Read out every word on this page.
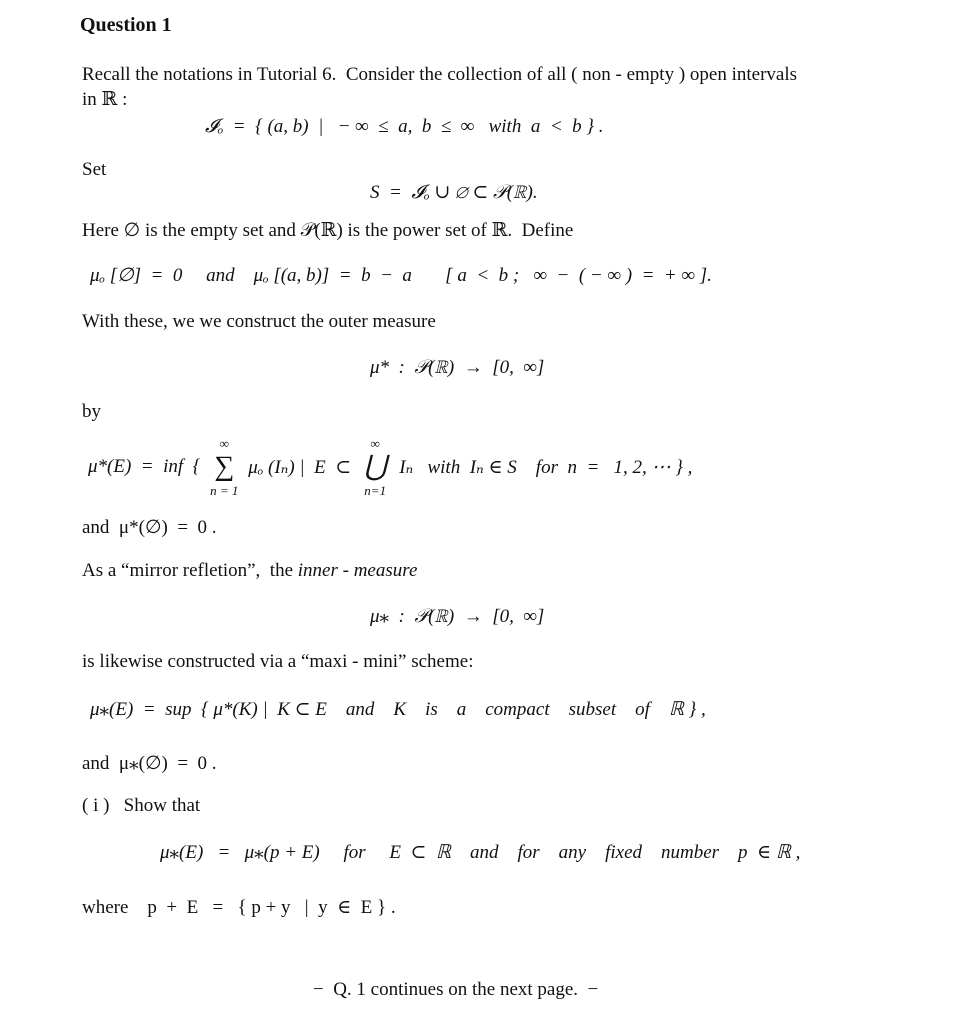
Question 1
Recall the notations in Tutorial 6.  Consider the collection of all ( non - empty ) open intervals
in ℝ :
𝓘ₒ  =  { (a, b)  |   − ∞  ≤  a,  b  ≤  ∞   with  a  <  b } .
Set
S  =  𝓘ₒ ∪ ∅ ⊂ 𝒫(ℝ).
Here ∅ is the empty set and 𝒫(ℝ) is the power set of ℝ.  Define
μₒ [∅]  =  0     and    μₒ [(a, b)]  =  b  −  a       [ a  <  b ;   ∞  −  ( − ∞ )  =  + ∞ ].
With these, we we construct the outer measure
μ*  :  𝒫(ℝ)  →  [0,  ∞]
by
μ*(E)  =  inf  {
∞
∑
n = 1
μₒ (Iₙ) |  E  ⊂
∞
⋃
n=1
Iₙ   with  Iₙ ∈ S    for  n  =   1, 2, ⋯ } ,
and  μ*(∅)  =  0 .
As a “mirror refletion”,  the inner - measure
μ⁎  :  𝒫(ℝ)  →  [0,  ∞]
is likewise constructed via a “maxi - mini” scheme:
μ⁎(E)  =  sup  { μ*(K) |  K ⊂ E    and    K    is    a    compact    subset    of    ℝ } ,
and  μ⁎(∅)  =  0 .
( i )   Show that
μ⁎(E)   =   μ⁎(p + E)     for     E  ⊂  ℝ    and    for    any    fixed    number    p  ∈ ℝ ,
where    p  +  E   =   { p + y   |  y  ∈  E } .
−  Q. 1 continues on the next page.  −
